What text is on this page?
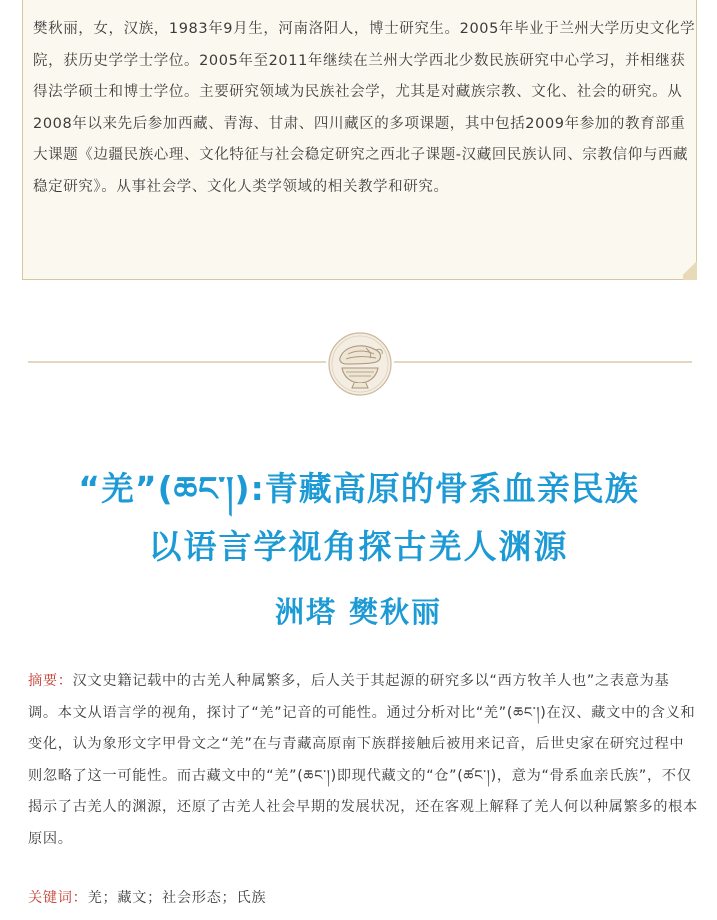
樊秋丽，女，汉族，1983年9月生，河南洛阳人，博士研究生。2005年毕业于兰州大学历史文化学院，获历史学学士学位。2005年至2011年继续在兰州大学西北少数民族研究中心学习，并相继获得法学硕士和博士学位。主要研究领域为民族社会学，尤其是对藏族宗教、文化、社会的研究。从2008年以来先后参加西藏、青海、甘肃、四川藏区的多项课题，其中包括2009年参加的教育部重大课题《边疆民族心理、文化特征与社会稳定研究之西北子课题-汉藏回民族认同、宗教信仰与西藏稳定研究》。从事社会学、文化人类学领域的相关教学和研究。

“羌”(ཆང་།):青藏高原的骨系血亲民族
以语言学视角探古羌人渊源
洲塔 樊秋丽

摘要：汉文史籍记载中的古羌人种属繁多，后人关于其起源的研究多以“西方牧羊人也”之表意为基调。本文从语言学的视角，探讨了“羌”记音的可能性。通过分析对比“羌”(ཆང་།)在汉、藏文中的含义和变化，认为象形文字甲骨文之“羌”在与青藏高原南下族群接触后被用来记音，后世史家在研究过程中则忽略了这一可能性。而古藏文中的“羌”(ཆང་།)即现代藏文的“仓”(ཚང་།)，意为“骨系血亲氏族”，不仅揭示了古羌人的渊源，还原了古羌人社会早期的发展状况，还在客观上解释了羌人何以种属繁多的根本原因。

关键词：羌；藏文；社会形态；氏族
